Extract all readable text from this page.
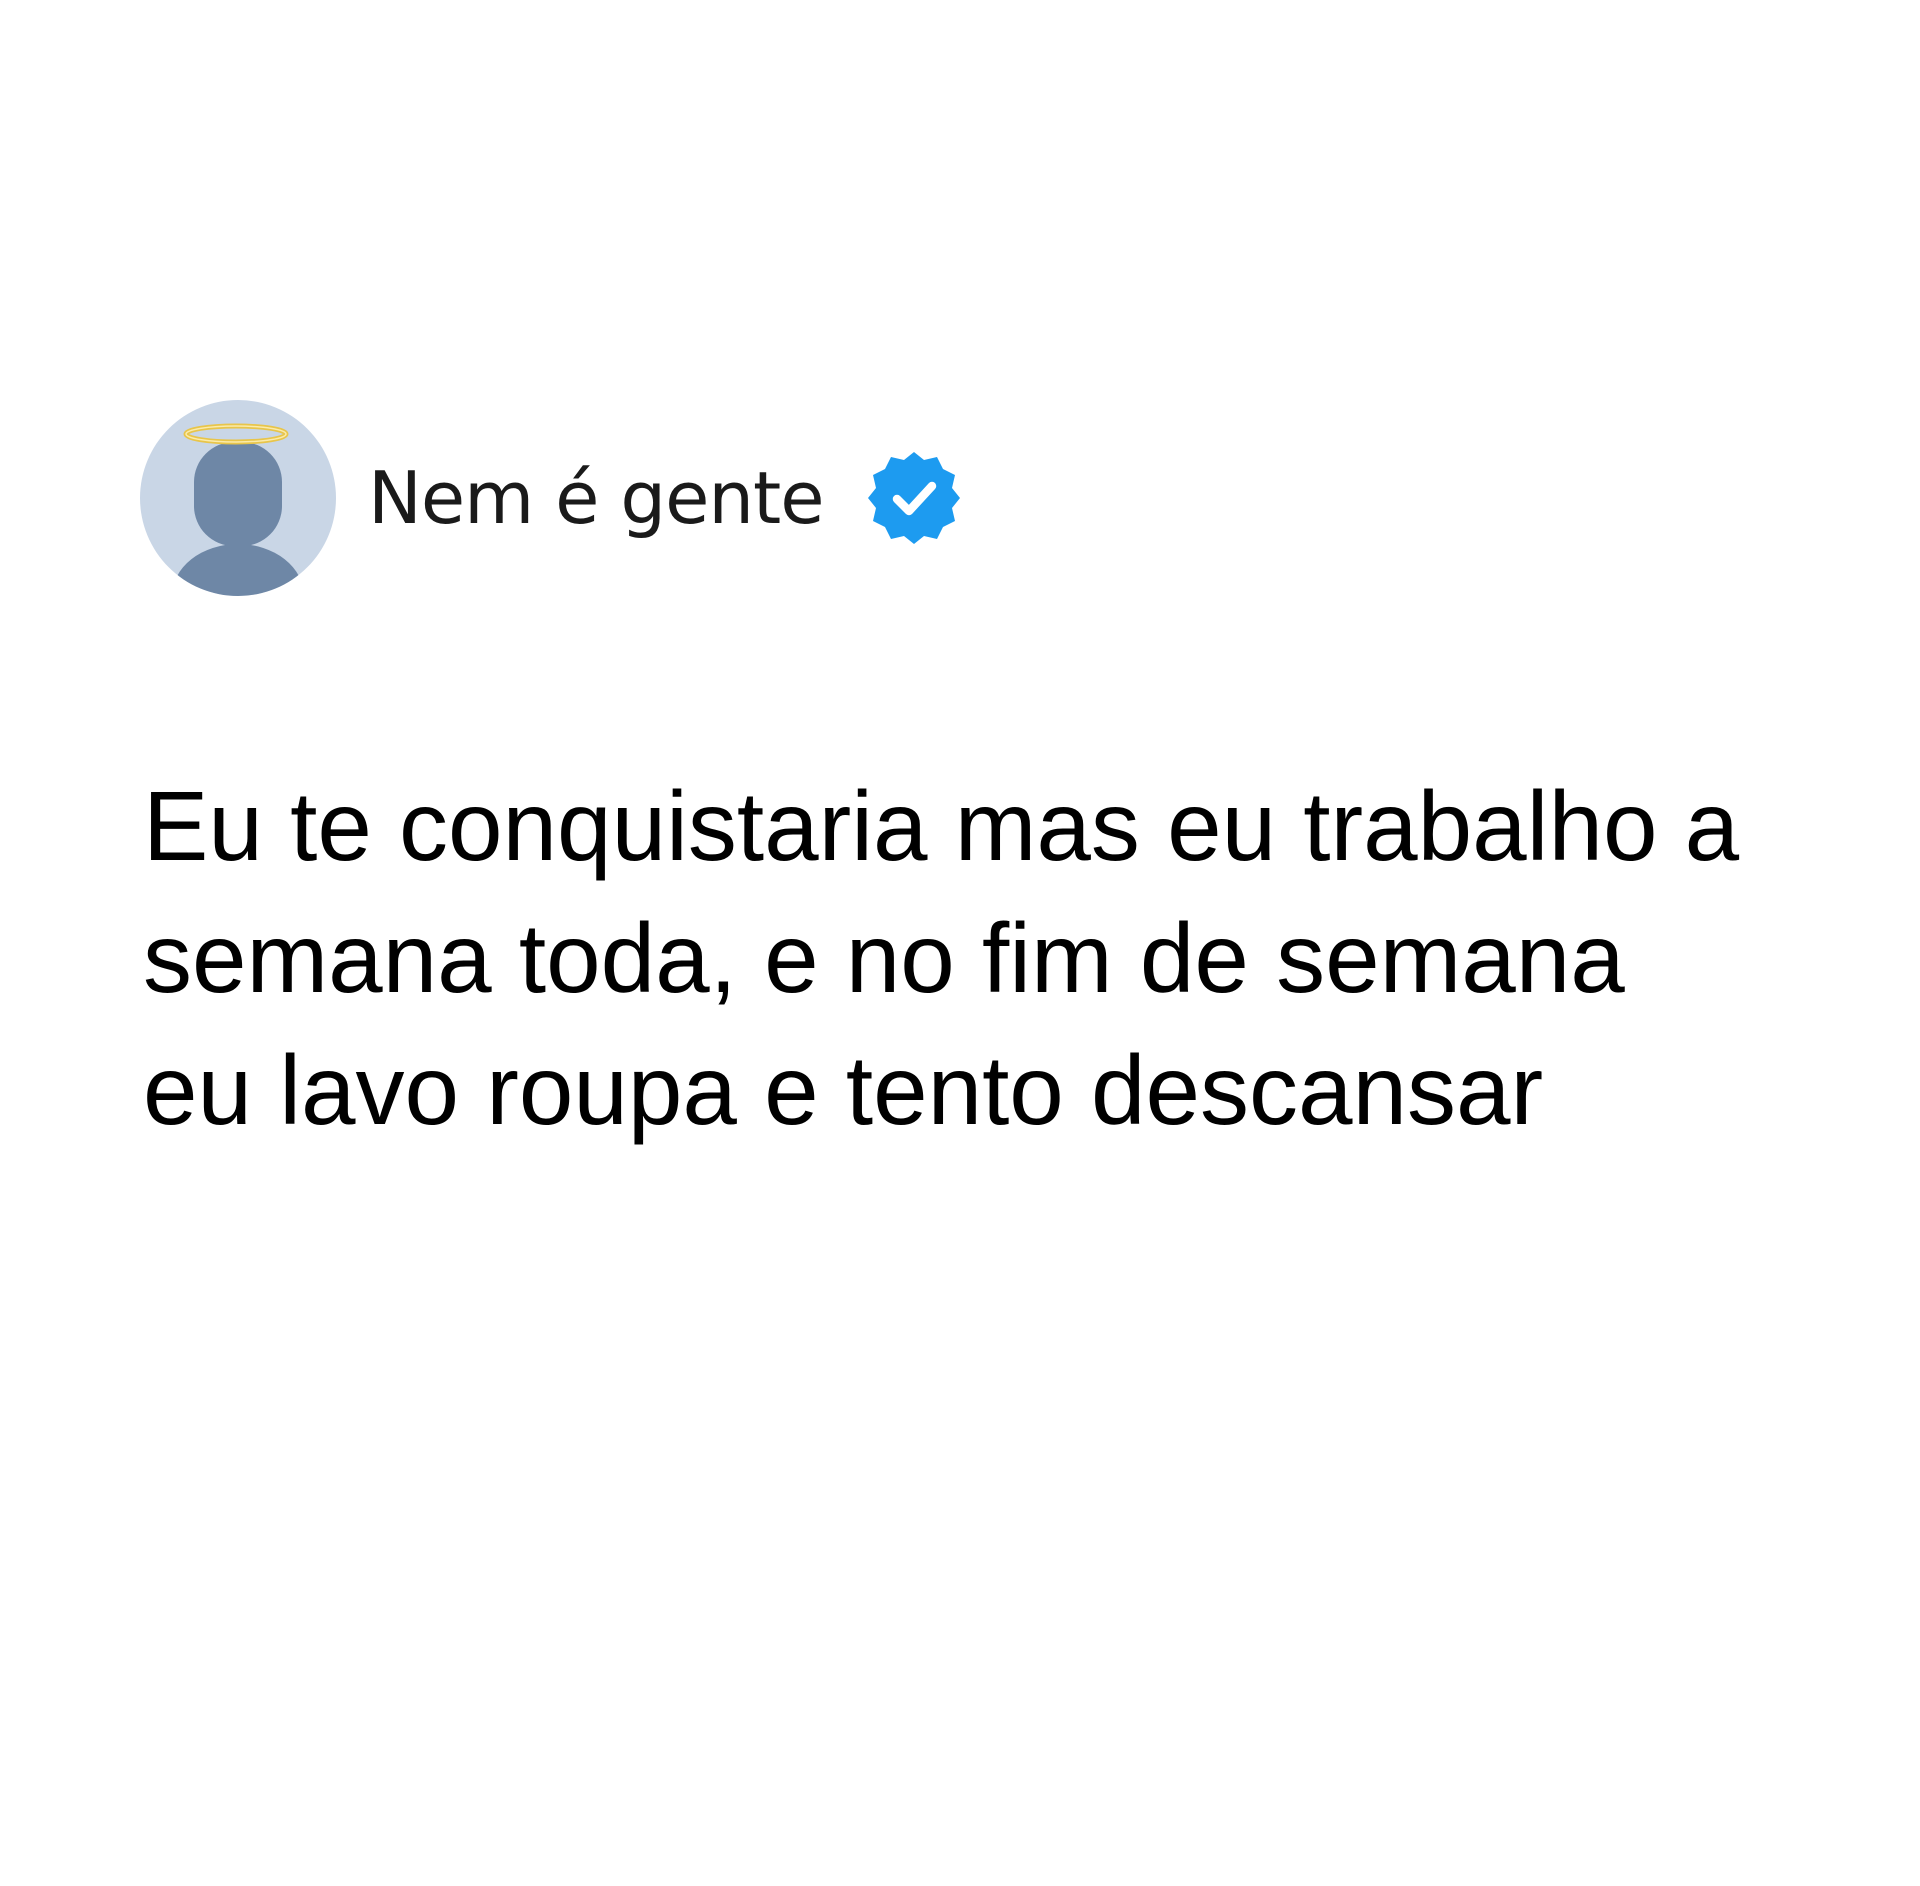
Nem é gente

Eu te conquistaria mas eu trabalho a
semana toda, e no fim de semana
eu lavo roupa e tento descansar
